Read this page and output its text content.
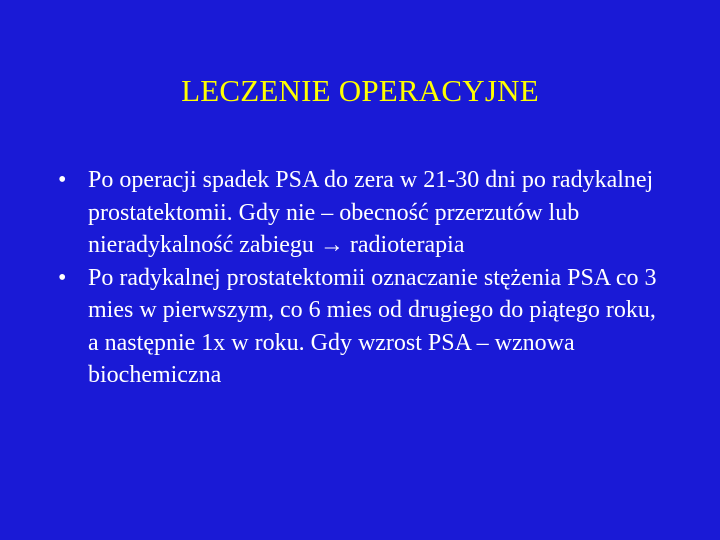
LECZENIE OPERACYJNE
• Po operacji spadek PSA do zera w 21-30 dni po radykalnej prostatektomii. Gdy nie – obecność przerzutów lub nieradykalność zabiegu → radioterapia
• Po radykalnej prostatektomii oznaczanie stężenia PSA co 3 mies w pierwszym, co 6 mies od drugiego do piątego roku, a następnie 1x w roku. Gdy wzrost PSA – wznowa biochemiczna
